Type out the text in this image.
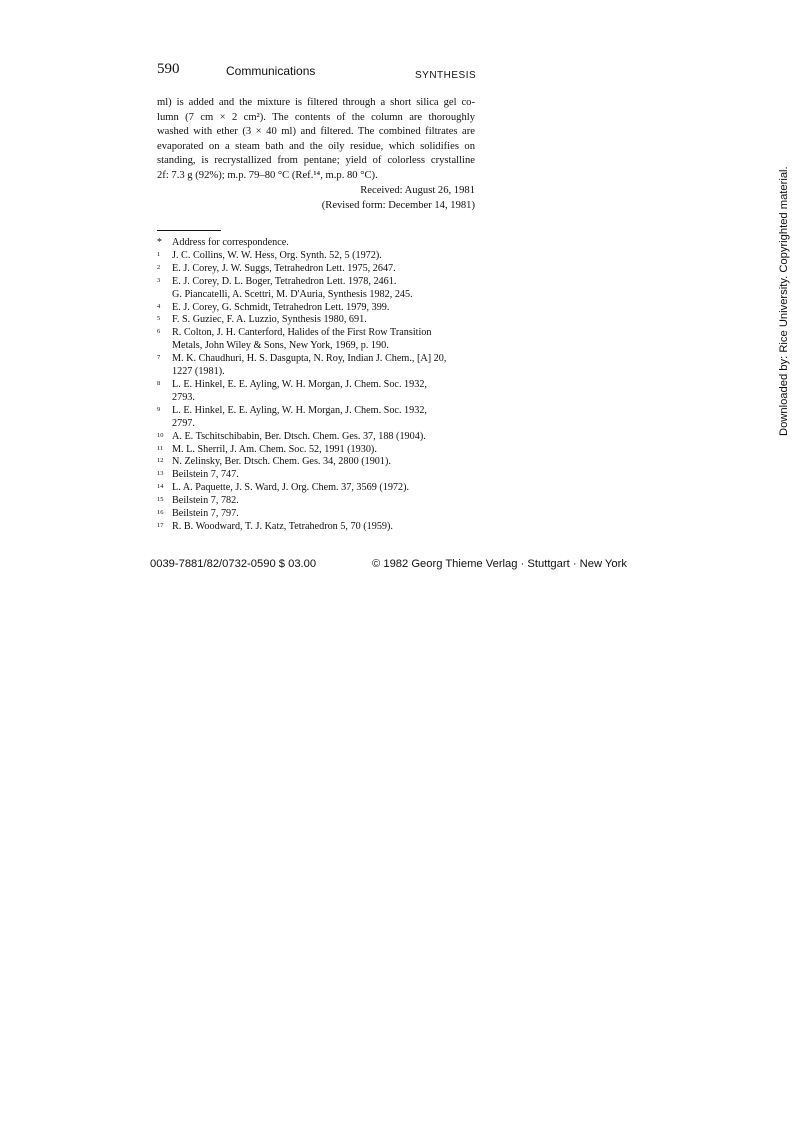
590	Communications	SYNTHESIS
ml) is added and the mixture is filtered through a short silica gel co-
lumn (7 cm × 2 cm²). The contents of the column are thoroughly
washed with ether (3 × 40 ml) and filtered. The combined filtrates are
evaporated on a steam bath and the oily residue, which solidifies on
standing, is recrystallized from pentane; yield of colorless crystalline
2f: 7.3 g (92%); m.p. 79–80 °C (Ref.¹⁴, m.p. 80 °C).
Received: August 26, 1981
(Revised form: December 14, 1981)
* Address for correspondence.
1 J. C. Collins, W. W. Hess, Org. Synth. 52, 5 (1972).
2 E. J. Corey, J. W. Suggs, Tetrahedron Lett. 1975, 2647.
3 E. J. Corey, D. L. Boger, Tetrahedron Lett. 1978, 2461.
G. Piancatelli, A. Scettri, M. D'Auria, Synthesis 1982, 245.
4 E. J. Corey, G. Schmidt, Tetrahedron Lett. 1979, 399.
5 F. S. Guziec, F. A. Luzzio, Synthesis 1980, 691.
6 R. Colton, J. H. Canterford, Halides of the First Row Transition
Metals, John Wiley & Sons, New York, 1969, p. 190.
7 M. K. Chaudhuri, H. S. Dasgupta, N. Roy, Indian J. Chem., [A] 20,
1227 (1981).
8 L. E. Hinkel, E. E. Ayling, W. H. Morgan, J. Chem. Soc. 1932,
2793.
9 L. E. Hinkel, E. E. Ayling, W. H. Morgan, J. Chem. Soc. 1932,
2797.
10 A. E. Tschitschibabin, Ber. Dtsch. Chem. Ges. 37, 188 (1904).
11 M. L. Sherril, J. Am. Chem. Soc. 52, 1991 (1930).
12 N. Zelinsky, Ber. Dtsch. Chem. Ges. 34, 2800 (1901).
13 Beilstein 7, 747.
14 L. A. Paquette, J. S. Ward, J. Org. Chem. 37, 3569 (1972).
15 Beilstein 7, 782.
16 Beilstein 7, 797.
17 R. B. Woodward, T. J. Katz, Tetrahedron 5, 70 (1959).
0039-7881/82/0732-0590 $ 03.00	© 1982 Georg Thieme Verlag · Stuttgart · New York
Downloaded by: Rice University. Copyrighted material.
